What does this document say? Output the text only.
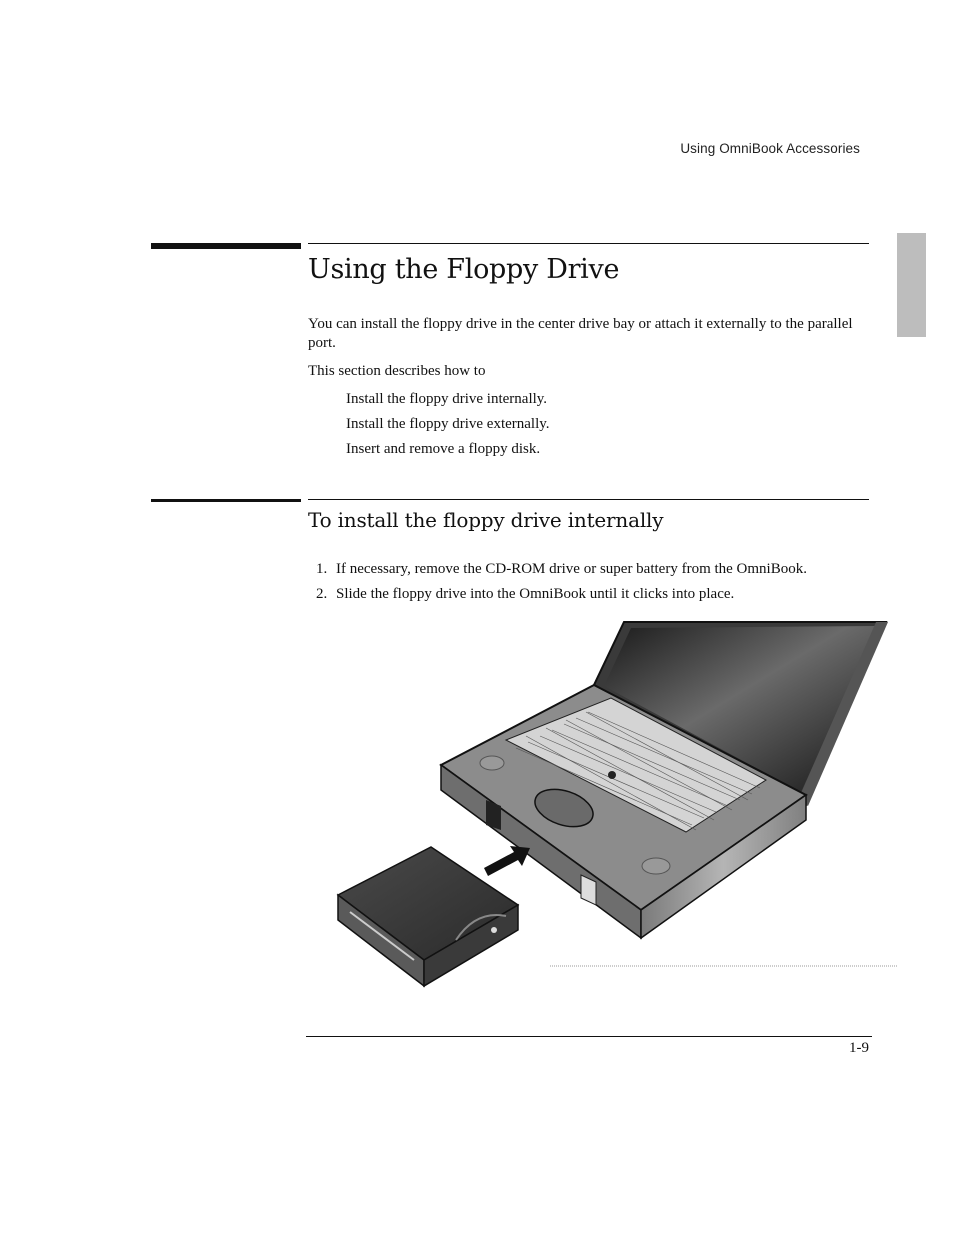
Using OmniBook Accessories
Using the Floppy Drive
You can install the floppy drive in the center drive bay or attach it externally to the parallel port.
This section describes how to
Install the floppy drive internally.
Install the floppy drive externally.
Insert and remove a floppy disk.
To install the floppy drive internally
1. If necessary, remove the CD-ROM drive or super battery from the OmniBook.
2. Slide the floppy drive into the OmniBook until it clicks into place.
1-9
